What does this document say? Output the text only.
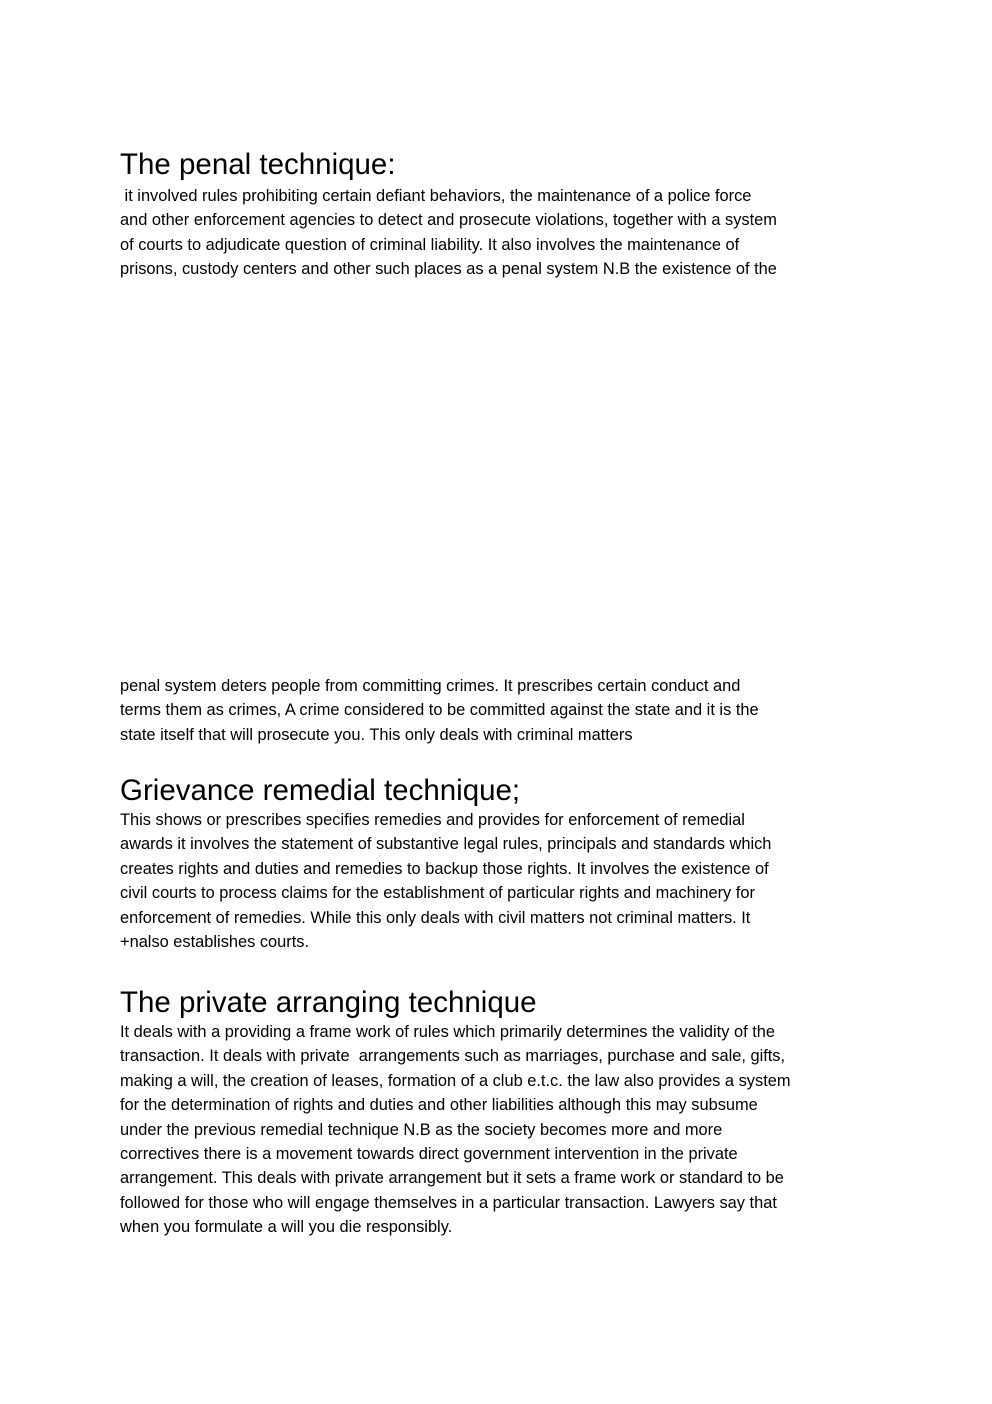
The penal technique:
it involved rules prohibiting certain defiant behaviors, the maintenance of a police force
and other enforcement agencies to detect and prosecute violations, together with a system
of courts to adjudicate question of criminal liability. It also involves the maintenance of
prisons, custody centers and other such places as a penal system N.B the existence of the
penal system deters people from committing crimes. It prescribes certain conduct and
terms them as crimes, A crime considered to be committed against the state and it is the
state itself that will prosecute you. This only deals with criminal matters
Grievance remedial technique;
This shows or prescribes specifies remedies and provides for enforcement of remedial
awards it involves the statement of substantive legal rules, principals and standards which
creates rights and duties and remedies to backup those rights. It involves the existence of
civil courts to process claims for the establishment of particular rights and machinery for
enforcement of remedies. While this only deals with civil matters not criminal matters. It
+nalso establishes courts.
The private arranging technique
It deals with a providing a frame work of rules which primarily determines the validity of the
transaction. It deals with private  arrangements such as marriages, purchase and sale, gifts,
making a will, the creation of leases, formation of a club e.t.c. the law also provides a system
for the determination of rights and duties and other liabilities although this may subsume
under the previous remedial technique N.B as the society becomes more and more
correctives there is a movement towards direct government intervention in the private
arrangement. This deals with private arrangement but it sets a frame work or standard to be
followed for those who will engage themselves in a particular transaction. Lawyers say that
when you formulate a will you die responsibly.
